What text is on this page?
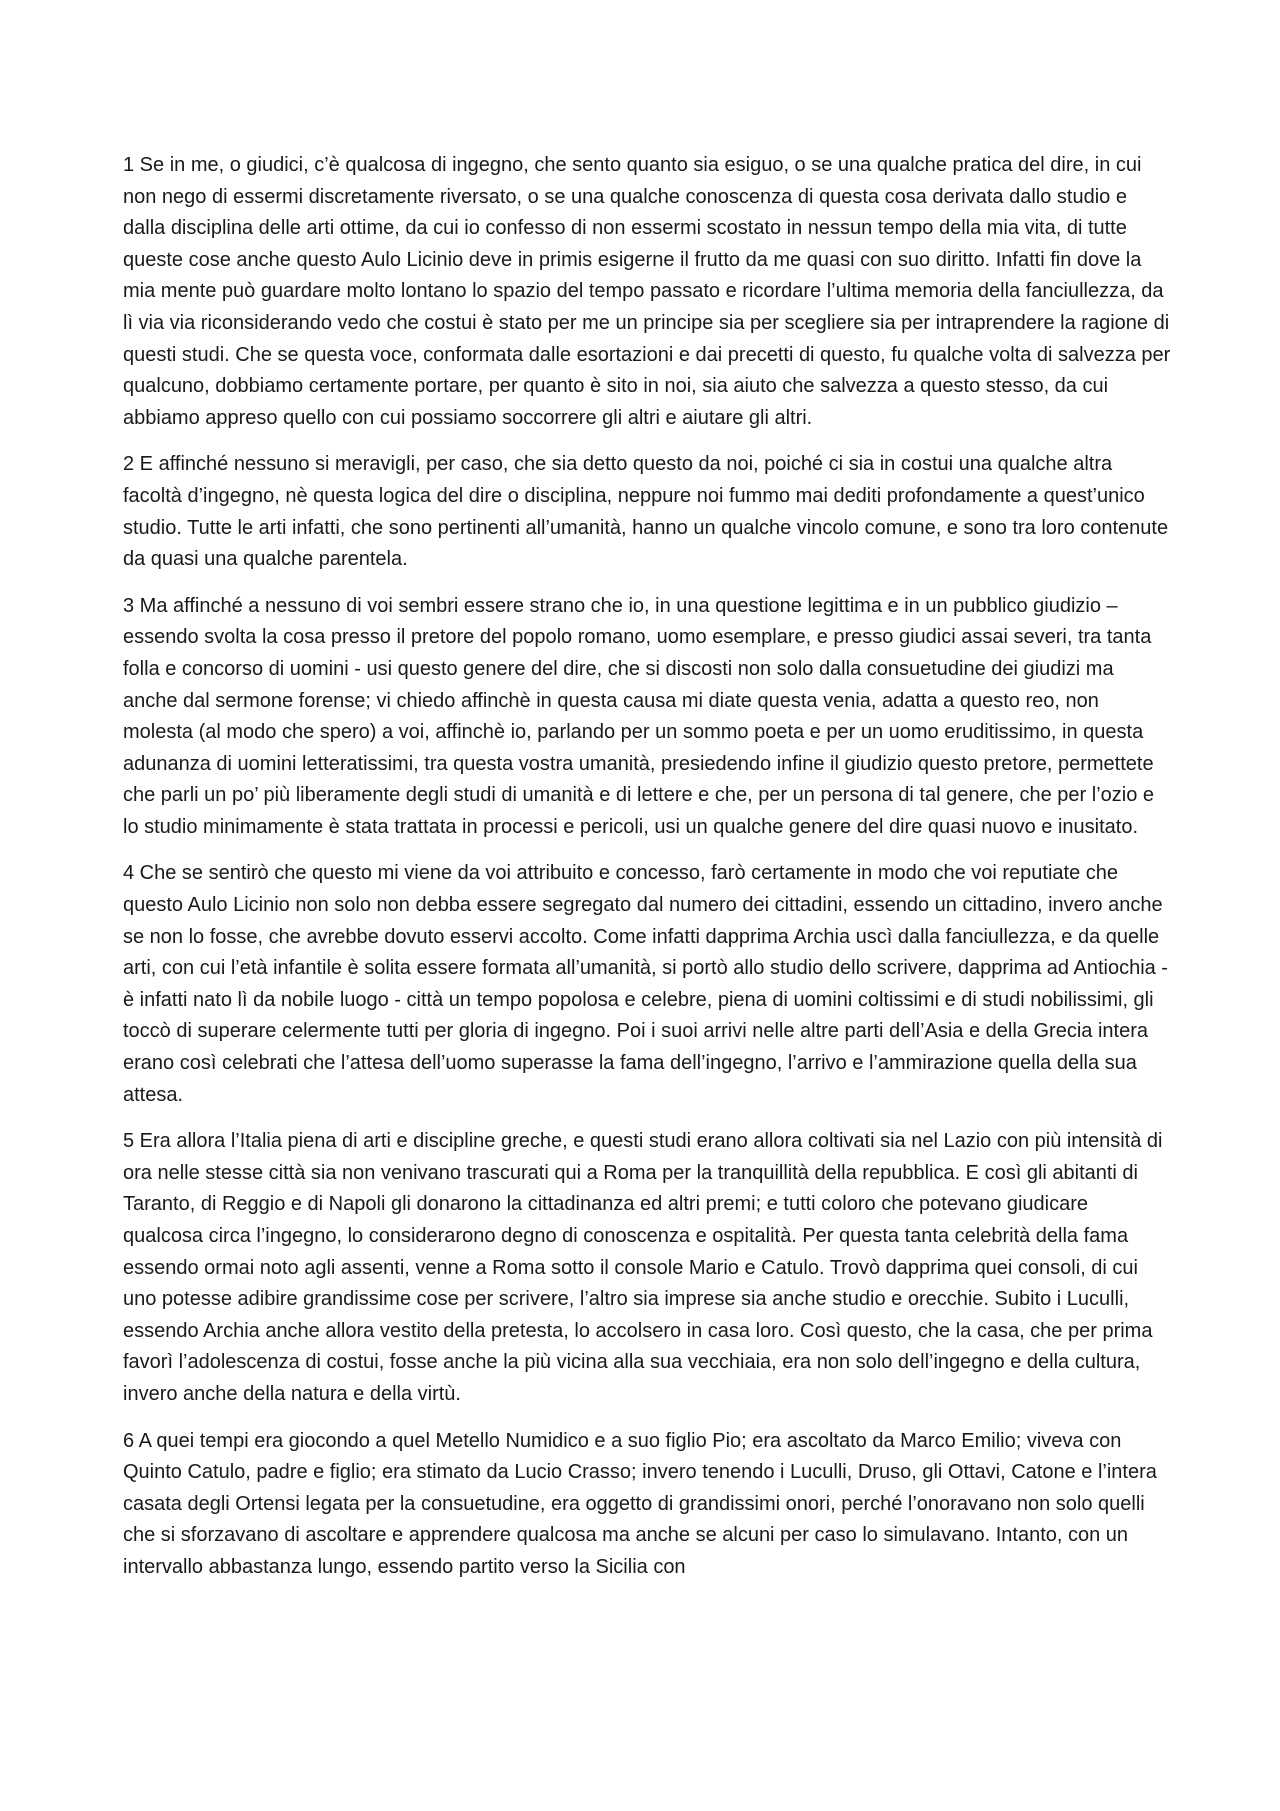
1 Se in me, o giudici, c’è qualcosa di ingegno, che sento quanto sia esiguo, o se una qualche pratica del dire, in cui non nego di essermi discretamente riversato, o se una qualche conoscenza di questa cosa derivata dallo studio e dalla disciplina delle arti ottime, da cui io confesso di non essermi scostato in nessun tempo della mia vita, di tutte queste cose anche questo Aulo Licinio deve in primis esigerne il frutto da me quasi con suo diritto. Infatti fin dove la mia mente può guardare molto lontano lo spazio del tempo passato e ricordare l’ultima memoria della fanciullezza, da lì via via riconsiderando vedo che costui è stato per me un principe sia per scegliere sia per intraprendere la ragione di questi studi. Che se questa voce, conformata dalle esortazioni e dai precetti di questo, fu qualche volta di salvezza per qualcuno, dobbiamo certamente portare, per quanto è sito in noi, sia aiuto che salvezza a questo stesso, da cui abbiamo appreso quello con cui possiamo soccorrere gli altri e aiutare gli altri.

2 E affinché nessuno si meravigli, per caso, che sia detto questo da noi, poiché ci sia in costui una qualche altra facoltà d’ingegno, nè questa logica del dire o disciplina, neppure noi fummo mai dediti profondamente a quest’unico studio. Tutte le arti infatti, che sono pertinenti all’umanità, hanno un qualche vincolo comune, e sono tra loro contenute da quasi una qualche parentela.

3 Ma affinché a nessuno di voi sembri essere strano che io, in una questione legittima e in un pubblico giudizio – essendo svolta la cosa presso il pretore del popolo romano, uomo esemplare, e presso giudici assai severi, tra tanta folla e concorso di uomini - usi questo genere del dire, che si discosti non solo dalla consuetudine dei giudizi ma anche dal sermone forense; vi chiedo affinchè in questa causa mi diate questa venia, adatta a questo reo, non molesta (al modo che spero) a voi, affinchè io, parlando per un sommo poeta e per un uomo eruditissimo, in questa adunanza di uomini letteratissimi, tra questa vostra umanità, presiedendo infine il giudizio questo pretore, permettete che parli un po’ più liberamente degli studi di umanità e di lettere e che, per un persona di tal genere, che per l’ozio e lo studio minimamente è stata trattata in processi e pericoli, usi un qualche genere del dire quasi nuovo e inusitato.

4 Che se sentirò che questo mi viene da voi attribuito e concesso, farò certamente in modo che voi reputiate che questo Aulo Licinio non solo non debba essere segregato dal numero dei cittadini, essendo un cittadino, invero anche se non lo fosse, che avrebbe dovuto esservi accolto. Come infatti dapprima Archia uscì dalla fanciullezza, e da quelle arti, con cui l’età infantile è solita essere formata all’umanità, si portò allo studio dello scrivere, dapprima ad Antiochia - è infatti nato lì da nobile luogo - città un tempo popolosa e celebre, piena di uomini coltissimi e di studi nobilissimi, gli toccò di superare celermente tutti per gloria di ingegno. Poi i suoi arrivi nelle altre parti dell’Asia e della Grecia intera erano così celebrati che l’attesa dell’uomo superasse la fama dell’ingegno, l’arrivo e l’ammirazione quella della sua attesa.

5 Era allora l’Italia piena di arti e discipline greche, e questi studi erano allora coltivati sia nel Lazio con più intensità di ora nelle stesse città sia non venivano trascurati qui a Roma per la tranquillità della repubblica. E così gli abitanti di Taranto, di Reggio e di Napoli gli donarono la cittadinanza ed altri premi; e tutti coloro che potevano giudicare qualcosa circa l’ingegno, lo considerarono degno di conoscenza e ospitalità. Per questa tanta celebrità della fama essendo ormai noto agli assenti, venne a Roma sotto il console Mario e Catulo. Trovò dapprima quei consoli, di cui uno potesse adibire grandissime cose per scrivere, l’altro sia imprese sia anche studio e orecchie. Subito i Luculli, essendo Archia anche allora vestito della pretesta, lo accolsero in casa loro. Così questo, che la casa, che per prima favorì l’adolescenza di costui, fosse anche la più vicina alla sua vecchiaia, era non solo dell’ingegno e della cultura, invero anche della natura e della virtù.

6 A quei tempi era giocondo a quel Metello Numidico e a suo figlio Pio; era ascoltato da Marco Emilio; viveva con Quinto Catulo, padre e figlio; era stimato da Lucio Crasso; invero tenendo i Luculli, Druso, gli Ottavi, Catone e l’intera casata degli Ortensi legata per la consuetudine, era oggetto di grandissimi onori, perché l’onoravano non solo quelli che si sforzavano di ascoltare e apprendere qualcosa ma anche se alcuni per caso lo simulavano. Intanto, con un intervallo abbastanza lungo, essendo partito verso la Sicilia con
